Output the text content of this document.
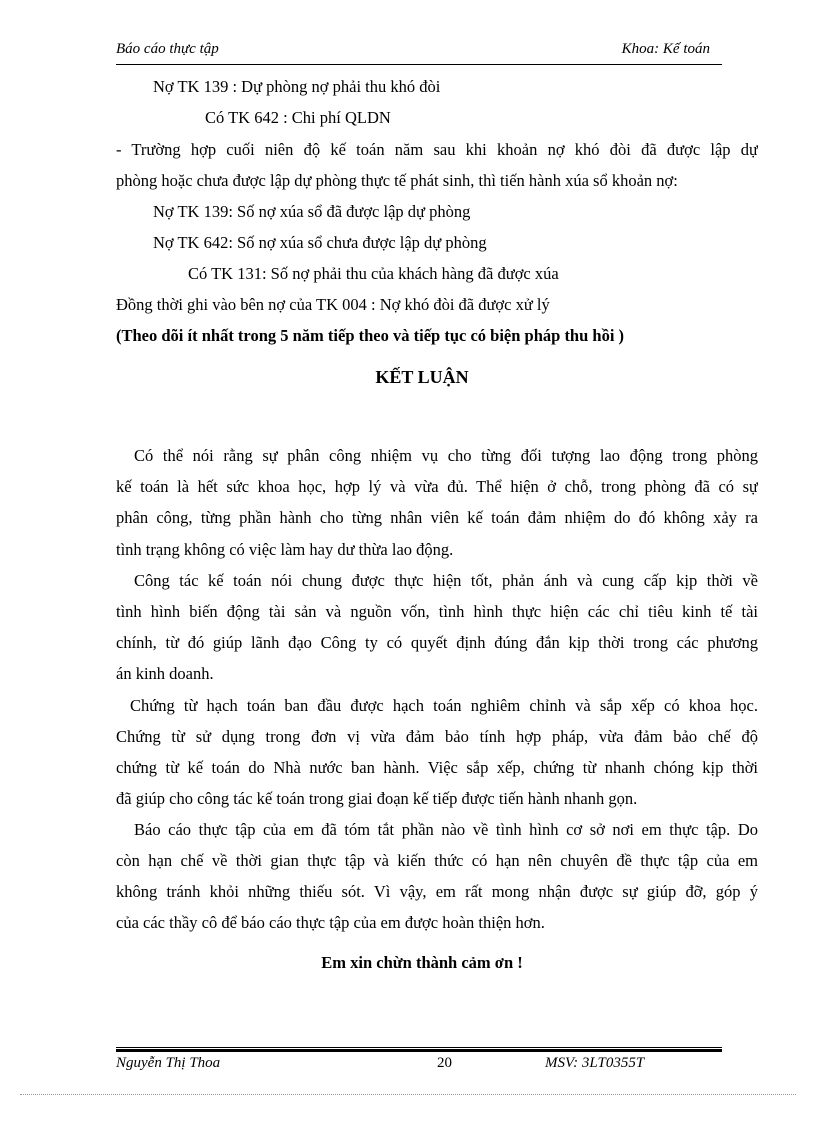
Báo cáo thực tập	Khoa: Kế toán
Nợ TK 139 : Dự phòng nợ phải thu khó đòi
Có TK 642 : Chi phí QLDN
- Trường hợp cuối niên độ kế toán năm sau khi khoản nợ khó đòi đã được lập dự
phòng hoặc chưa được lập dự phòng thực tế phát sinh, thì tiến hành xúa sổ khoản nợ:
Nợ TK 139: Số nợ xúa sổ đã được lập dự phòng
Nợ TK 642: Số nợ xúa sổ chưa được lập dự phòng
Có TK 131: Số nợ phải thu của khách hàng đã được xúa
Đồng thời ghi vào bên nợ của TK 004 : Nợ khó đòi đã được xử lý
(Theo dõi ít nhất trong 5 năm tiếp theo và tiếp tục có biện pháp thu hồi )
KẾT LUẬN
Có thể nói rằng sự phân công nhiệm vụ cho từng đối tượng lao động trong phòng
kế toán là hết sức khoa học, hợp lý và vừa đủ. Thể hiện ở chỗ, trong phòng đã có sự
phân công, từng phần hành cho từng nhân viên kế toán đảm nhiệm do đó không xảy ra
tình trạng không có việc làm hay dư thừa lao động.
Công tác kế toán nói chung được thực hiện tốt, phản ánh và cung cấp kịp thời về
tình hình biến động tài sản và nguồn vốn, tình hình thực hiện các chỉ tiêu kinh tế tài
chính, từ đó giúp lãnh đạo Công ty có quyết định đúng đắn kịp thời trong các phương
án kinh doanh.
Chứng từ hạch toán ban đầu được hạch toán nghiêm chỉnh và sắp xếp có khoa học.
Chứng từ sử dụng trong đơn vị vừa đảm bảo tính hợp pháp, vừa đảm bảo chế độ
chứng từ kế toán do Nhà nước ban hành. Việc sắp xếp, chứng từ nhanh chóng kịp thời
đã giúp cho công tác kế toán trong giai đoạn kế tiếp được tiến hành nhanh gọn.
Báo cáo thực tập của em đã tóm tắt phần nào về tình hình cơ sở nơi em thực tập. Do
còn hạn chế về thời gian thực tập và kiến thức có hạn nên chuyên đề thực tập của em
không tránh khỏi những thiếu sót. Vì vậy, em rất mong nhận được sự giúp đỡ, góp ý
của các thầy cô để báo cáo thực tập của em được hoàn thiện hơn.
Em xin chừn thành cảm ơn !
Nguyễn Thị Thoa	20	MSV: 3LT0355T
